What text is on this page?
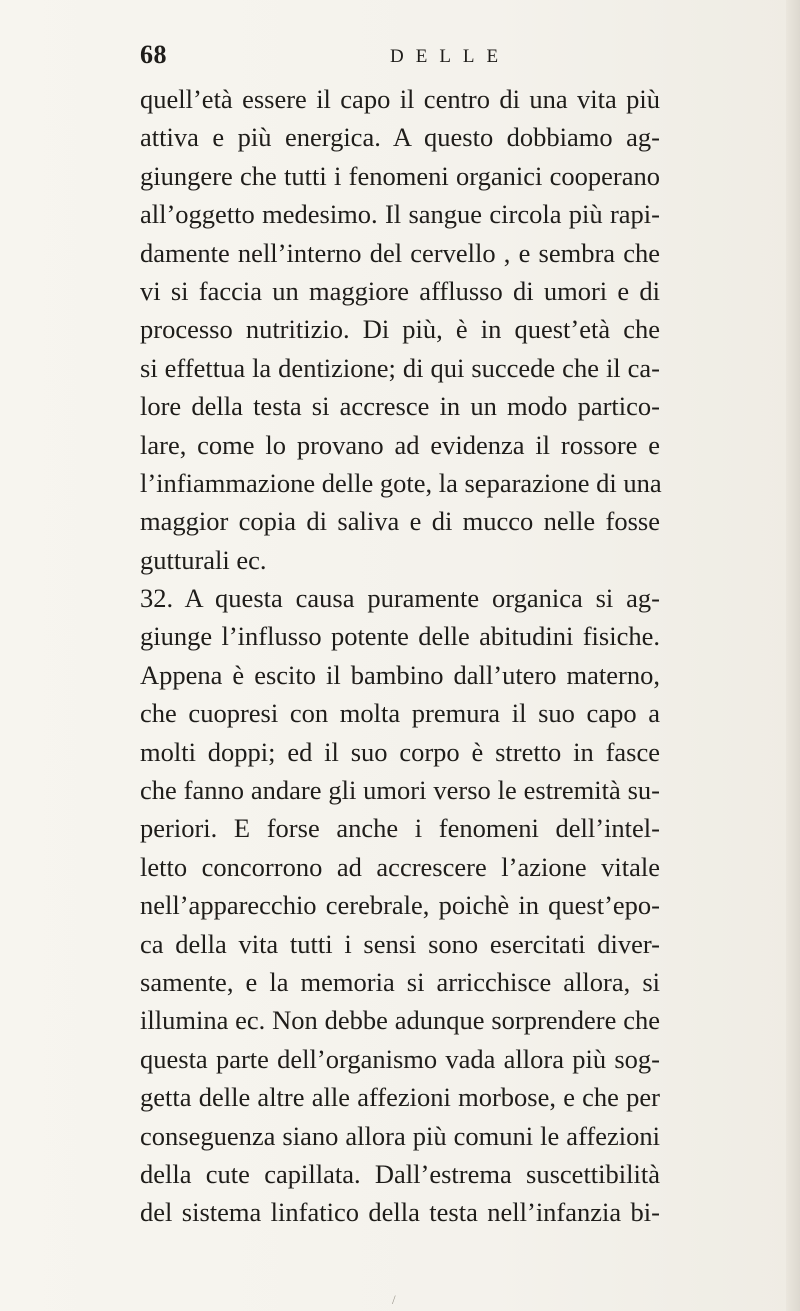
68	DELLE
quell’età essere il capo il centro di una vita più
attiva e più energica. A questo dobbiamo ag-
giungere che tutti i fenomeni organici cooperano
all’oggetto medesimo. Il sangue circola più rapi-
damente nell’interno del cervello , e sembra che
vi si faccia un maggiore afflusso di umori e di
processo nutritizio. Di più, è in quest’età che
si effettua la dentizione; di qui succede che il ca-
lore della testa si accresce in un modo partico-
lare, come lo provano ad evidenza il rossore e
l’infiammazione delle gote, la separazione di una
maggior copia di saliva e di mucco nelle fosse
gutturali ec.
32. A questa causa puramente organica si ag-
giunge l’influsso potente delle abitudini fisiche.
Appena è escito il bambino dall’utero materno,
che cuopresi con molta premura il suo capo a
molti doppi; ed il suo corpo è stretto in fasce
che fanno andare gli umori verso le estremità su-
periori. E forse anche i fenomeni dell’intel-
letto concorrono ad accrescere l’azione vitale
nell’apparecchio cerebrale, poichè in quest’epo-
ca della vita tutti i sensi sono esercitati diver-
samente, e la memoria si arricchisce allora, si
illumina ec. Non debbe adunque sorprendere che
questa parte dell’organismo vada allora più sog-
getta delle altre alle affezioni morbose, e che per
conseguenza siano allora più comuni le affezioni
della cute capillata. Dall’estrema suscettibilità
del sistema linfatico della testa nell’infanzia bi-
/
